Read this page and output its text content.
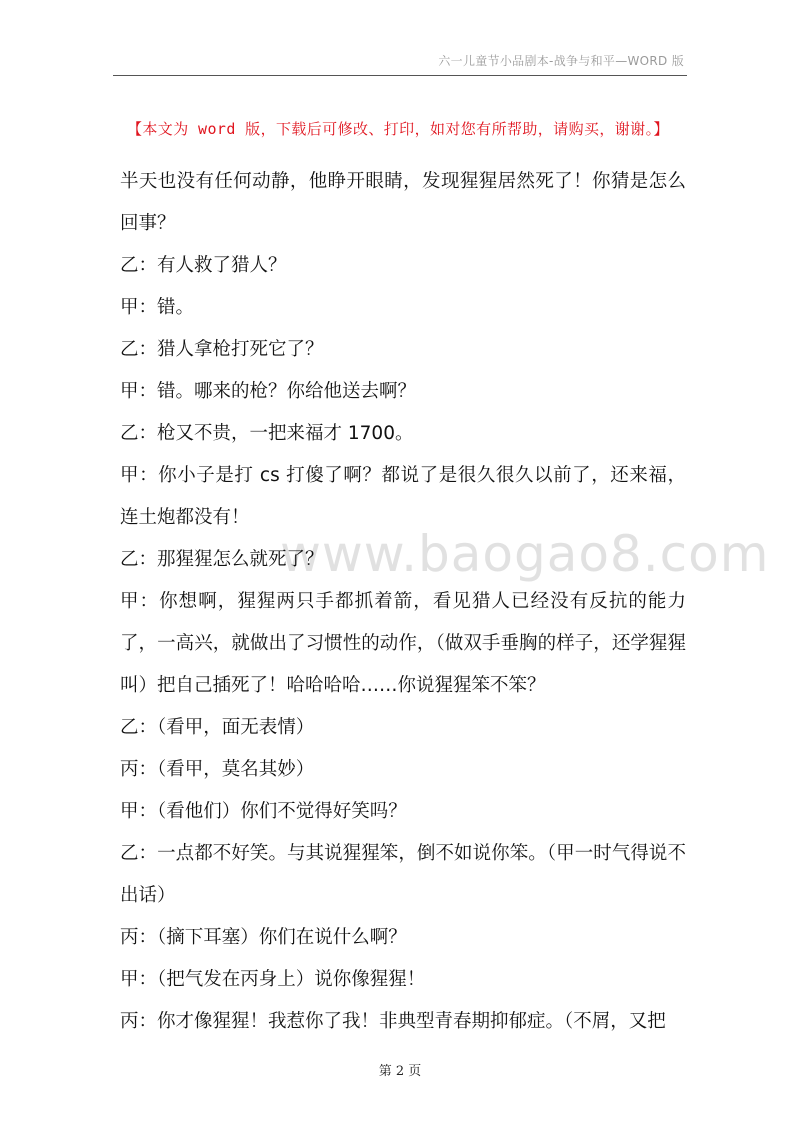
六一儿童节小品剧本-战争与和平—WORD 版
【本文为 word 版，下载后可修改、打印，如对您有所帮助，请购买，谢谢。】
www.baogao8.com

半天也没有任何动静，他睁开眼睛，发现猩猩居然死了！你猜是怎么回事？

乙：有人救了猎人？

甲：错。

乙：猎人拿枪打死它了？

甲：错。哪来的枪？你给他送去啊？

乙：枪又不贵，一把来福才 1700。

甲：你小子是打 cs 打傻了啊？都说了是很久很久以前了，还来福，连土炮都没有！

乙：那猩猩怎么就死了？

甲：你想啊，猩猩两只手都抓着箭，看见猎人已经没有反抗的能力了，一高兴，就做出了习惯性的动作，（做双手垂胸的样子，还学猩猩叫）把自己插死了！哈哈哈哈……你说猩猩笨不笨？

乙：（看甲，面无表情）

丙：（看甲，莫名其妙）

甲：（看他们）你们不觉得好笑吗？

乙：一点都不好笑。与其说猩猩笨，倒不如说你笨。（甲一时气得说不出话）

丙：（摘下耳塞）你们在说什么啊？

甲：（把气发在丙身上）说你像猩猩！

丙：你才像猩猩！我惹你了我！非典型青春期抑郁症。（不屑，又把

第 2 页
